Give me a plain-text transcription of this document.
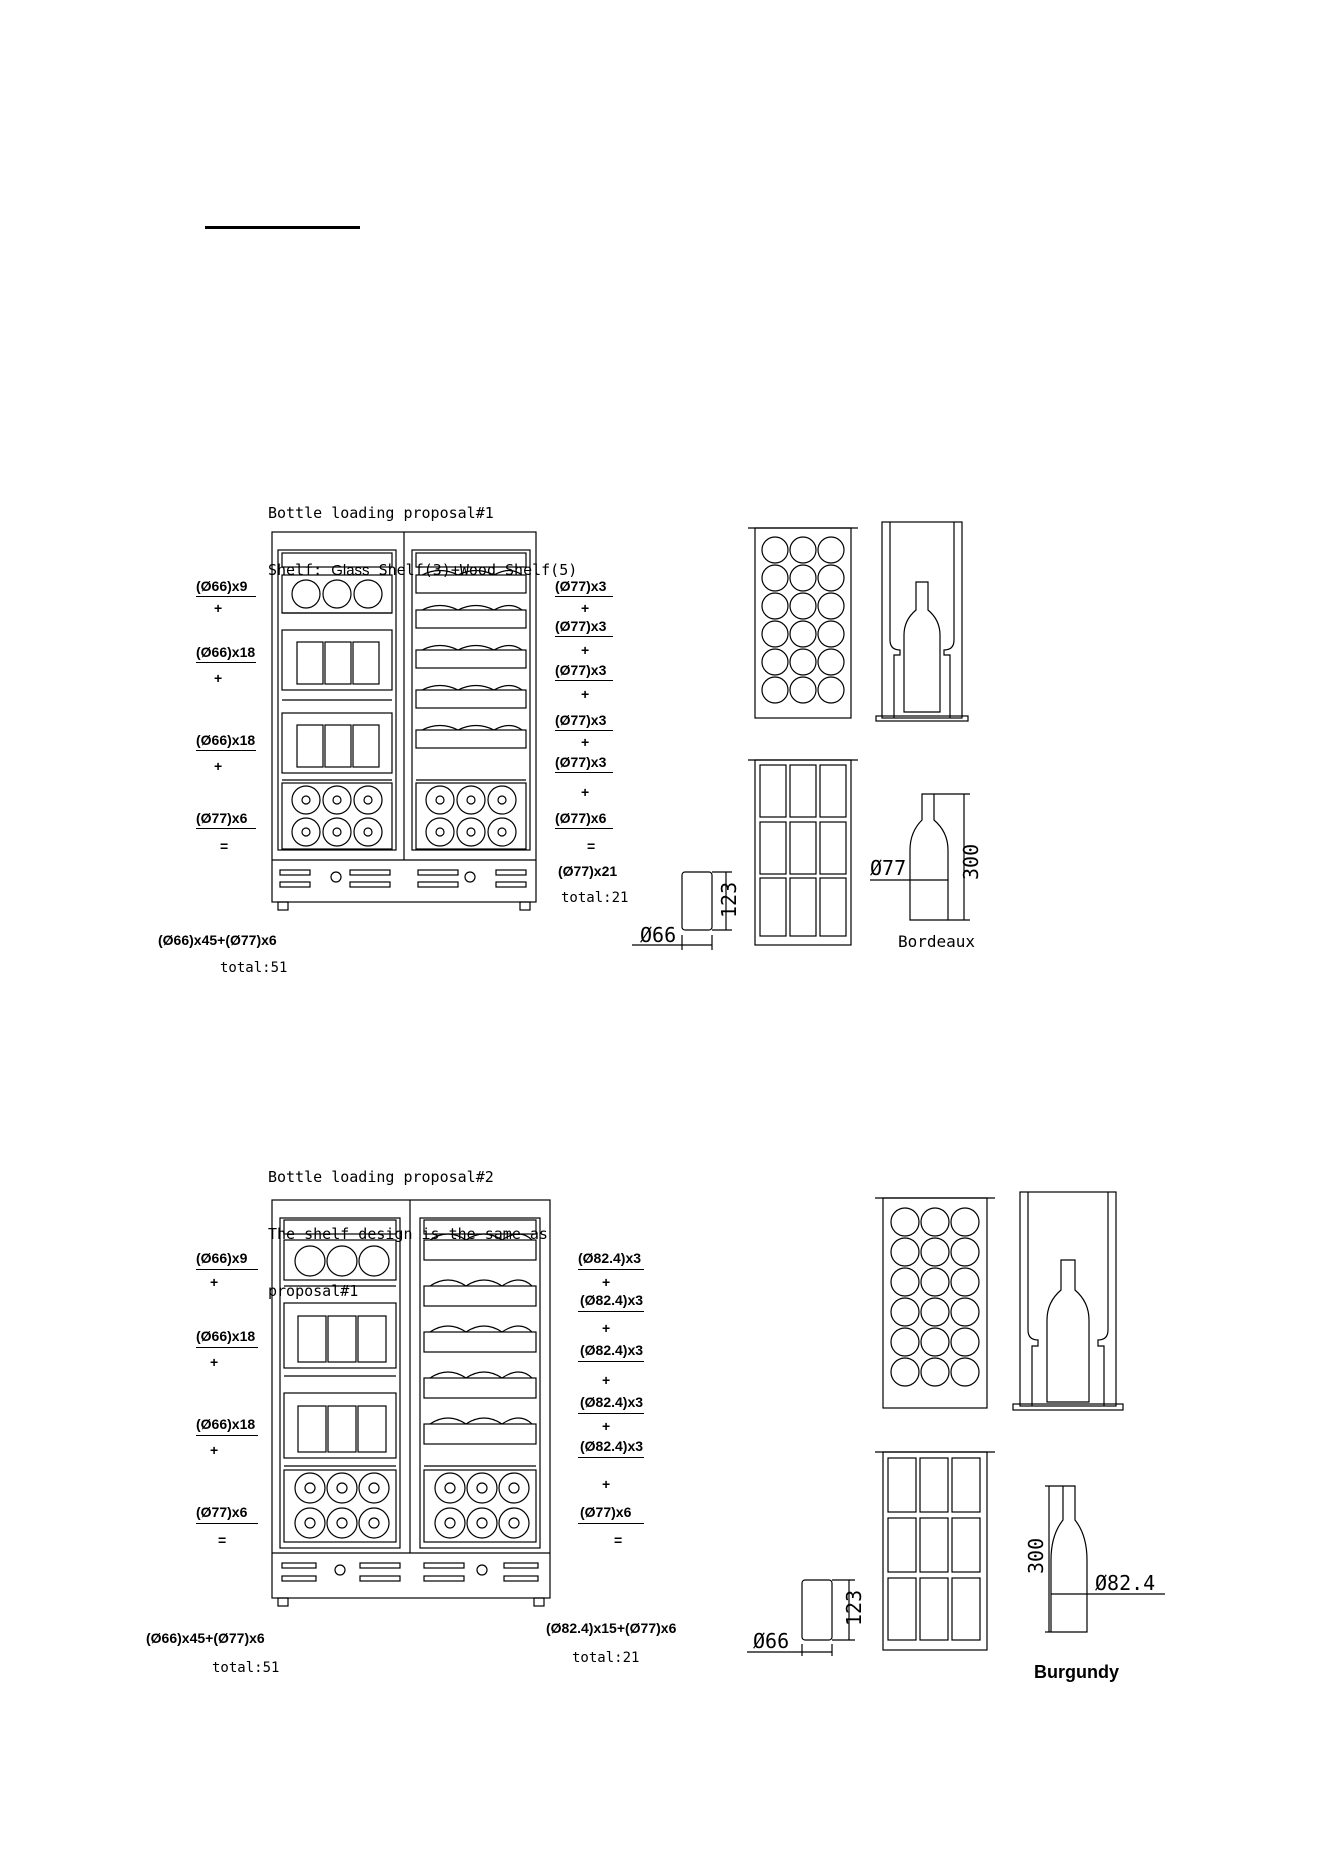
Bottle loading proposal#1

Shelf: Glass Shelf(3)+Wood Shelf(5)

(Ø66)x9
+
(Ø66)x18
+
(Ø66)x18
+
(Ø77)x6
=
(Ø77)x3
+
(Ø77)x3
+
(Ø77)x3
+
(Ø77)x3
+
(Ø77)x3
+
(Ø77)x6
=
(Ø77)x21
total:21
(Ø66)x45+(Ø77)x6
total:51
Ø66
123
Ø77	300
Bordeaux

Bottle loading proposal#2

The shelf design is the same as

proposal#1

(Ø66)x9
+
(Ø66)x18
+
(Ø66)x18
+
(Ø77)x6
=
(Ø82.4)x3
+
(Ø82.4)x3
+
(Ø82.4)x3
+
(Ø82.4)x3
+
(Ø82.4)x3
+
(Ø77)x6
=
(Ø82.4)x15+(Ø77)x6
total:21
(Ø66)x45+(Ø77)x6
total:51
Ø66
123
Ø82.4
300
Burgundy
